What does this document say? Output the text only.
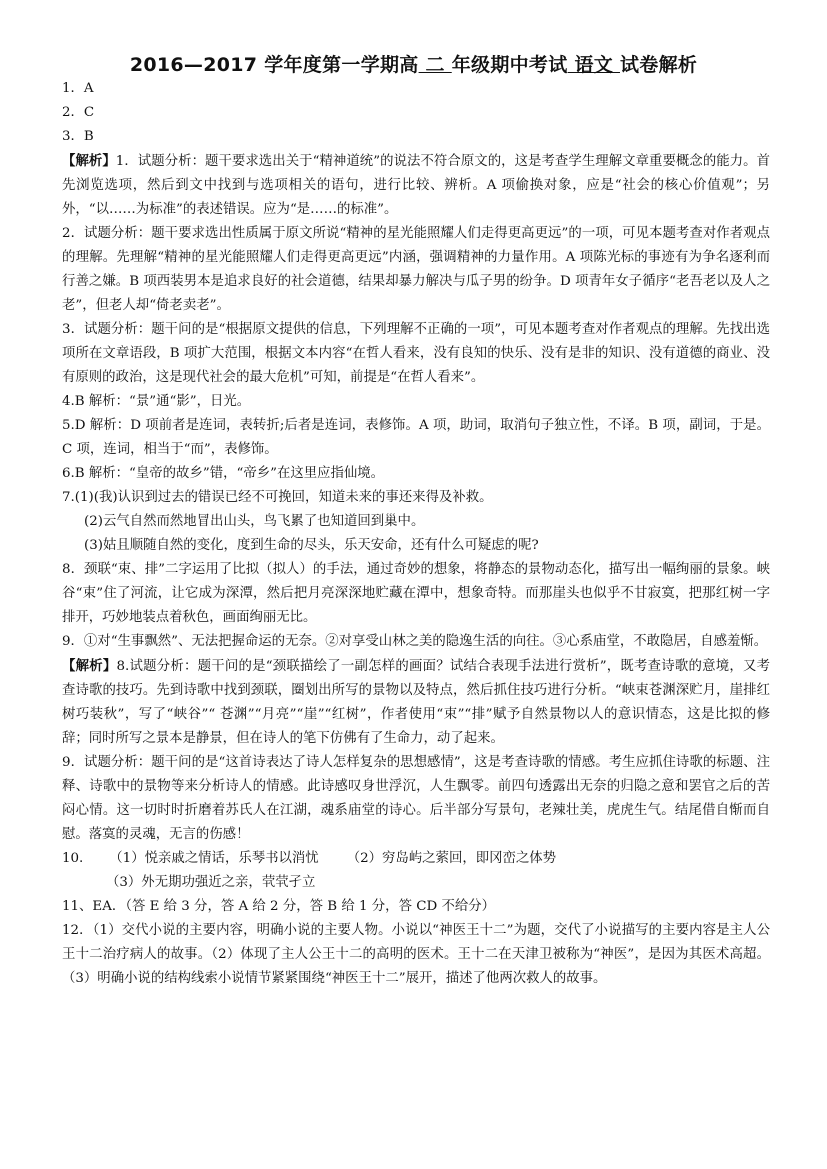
2016—2017 学年度第一学期高 二 年级期中考试 语文 试卷解析

1．A

2．C

3．B

【解析】1．试题分析：题干要求选出关于“精神道统”的说法不符合原文的，这是考查学生理解文章重要概念的能力。首先浏览选项，然后到文中找到与选项相关的语句，进行比较、辨析。A 项偷换对象，应是“社会的核心价值观”；另外，“以……为标准”的表述错误。应为“是……的标准”。

2．试题分析：题干要求选出性质属于原文所说“精神的星光能照耀人们走得更高更远”的一项，可见本题考查对作者观点的理解。先理解“精神的星光能照耀人们走得更高更远”内涵，强调精神的力量作用。A 项陈光标的事迹有为争名逐利而行善之嫌。B 项西装男本是追求良好的社会道德，结果却暴力解决与瓜子男的纷争。D 项青年女子循序“老吾老以及人之老”，但老人却“倚老卖老”。

3．试题分析：题干问的是“根据原文提供的信息，下列理解不正确的一项”，可见本题考查对作者观点的理解。先找出选项所在文章语段，B 项扩大范围，根据文本内容“在哲人看来，没有良知的快乐、没有是非的知识、没有道德的商业、没有原则的政治，这是现代社会的最大危机”可知，前提是“在哲人看来”。

4.B 解析：“景”通“影”，日光。

5.D 解析：D 项前者是连词，表转折;后者是连词，表修饰。A 项，助词，取消句子独立性，不译。B 项，副词，于是。C 项，连词，相当于“而”，表修饰。

6.B 解析：“皇帝的故乡”错，“帝乡”在这里应指仙境。

7.(1)(我)认识到过去的错误已经不可挽回，知道未来的事还来得及补救。

(2)云气自然而然地冒出山头，鸟飞累了也知道回到巢中。

(3)姑且顺随自然的变化，度到生命的尽头，乐天安命，还有什么可疑虑的呢?

8．颈联“束、排”二字运用了比拟（拟人）的手法，通过奇妙的想象，将静态的景物动态化，描写出一幅绚丽的景象。峡谷“束”住了河流，让它成为深潭，然后把月亮深深地贮藏在潭中，想象奇特。而那崖头也似乎不甘寂寞，把那红树一字排开，巧妙地装点着秋色，画面绚丽无比。

9．①对“生事飘然”、无法把握命运的无奈。②对享受山林之美的隐逸生活的向往。③心系庙堂，不敢隐居，自感羞惭。

【解析】8.试题分析：题干问的是“颈联描绘了一副怎样的画面？试结合表现手法进行赏析”，既考查诗歌的意境，又考查诗歌的技巧。先到诗歌中找到颈联，圈划出所写的景物以及特点，然后抓住技巧进行分析。“峡束苍渊深贮月，崖排红树巧装秋”，写了“峡谷”“ 苍渊”“月亮”“崖”“红树”，作者使用“束”“排”赋予自然景物以人的意识情态，这是比拟的修辞；同时所写之景本是静景，但在诗人的笔下仿佛有了生命力，动了起来。

9．试题分析：题干问的是“这首诗表达了诗人怎样复杂的思想感情”，这是考查诗歌的情感。考生应抓住诗歌的标题、注释、诗歌中的景物等来分析诗人的情感。此诗感叹身世浮沉，人生飘零。前四句透露出无奈的归隐之意和罢官之后的苦闷心情。这一切时时折磨着苏氏人在江湖，魂系庙堂的诗心。后半部分写景句，老辣壮美，虎虎生气。结尾借自惭而自慰。落寞的灵魂，无言的伤感！

10. （1）悦亲戚之情话，乐琴书以消忧 （2）穷岛屿之萦回，即冈峦之体势

（3）外无期功强近之亲，茕茕孑立

11、EA．（答 E 给 3 分，答 A 给 2 分，答 B 给 1 分，答 CD 不给分）

12．（1）交代小说的主要内容，明确小说的主要人物。小说以“神医王十二”为题，交代了小说描写的主要内容是主人公王十二治疗病人的故事。（2）体现了主人公王十二的高明的医术。王十二在天津卫被称为“神医”，是因为其医术高超。（3）明确小说的结构线索小说情节紧紧围绕“神医王十二”展开，描述了他两次救人的故事。
